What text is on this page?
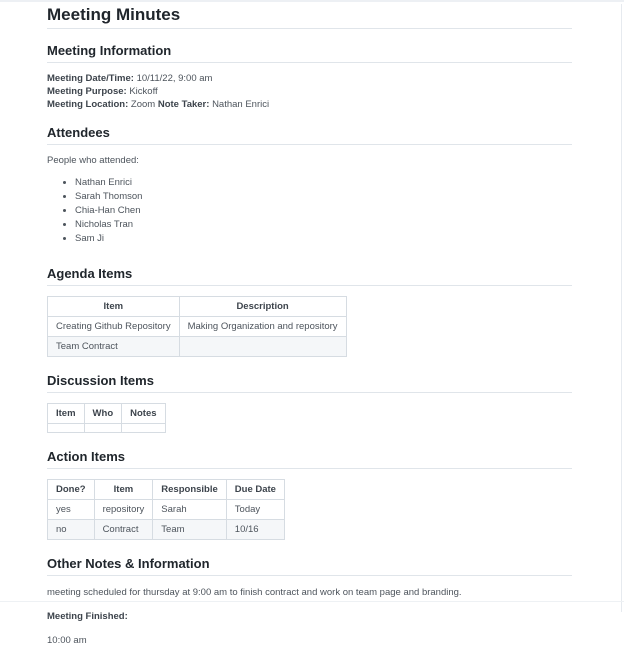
Meeting Minutes
Meeting Information

Meeting Date/Time: 10/11/22, 9:00 am

Meeting Purpose: Kickoff

Meeting Location: Zoom Note Taker: Nathan Enrici

Attendees

People who attended:

• Nathan Enrici
• Sarah Thomson
• Chia-Han Chen
• Nicholas Tran
• Sam Ji
Agenda Items
Item	Description
Creating Github Repository	Making Organization and repository
Team Contract	
Discussion Items
Item	Who	Notes

Action Items
Done?	Item	Responsible	Due Date
yes	repository	Sarah	Today
no	Contract	Team	10/16
Other Notes & Information

meeting scheduled for thursday at 9:00 am to finish contract and work on team page and branding.

Meeting Finished:

10:00 am
